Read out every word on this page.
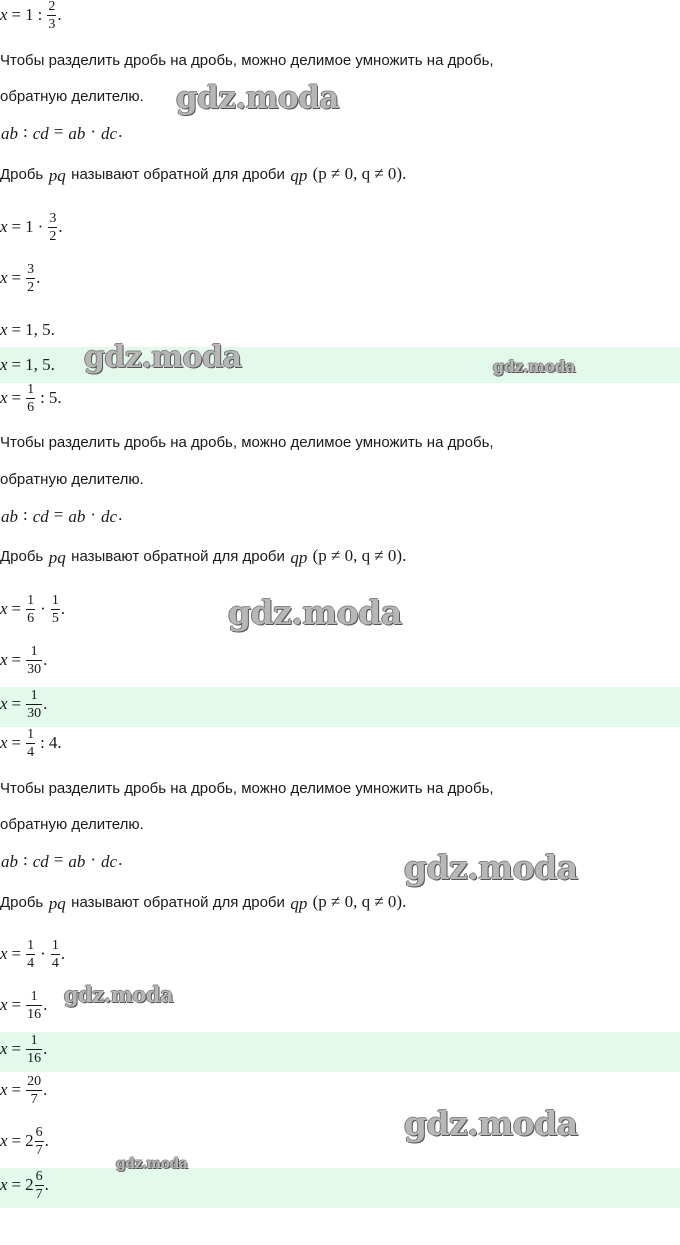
x = 1 : $\frac{2}{3}$ .
Чтобы разделить дробь на дробь, можно делимое умножить на дробь,
обратную делителю.
ab : cd = ab · dc.
Дробь pq называют обратной для дроби qp (p ≠ 0, q ≠ 0).
$x = 1 \cdot \frac{3}{2}$ .
$x = \frac{3}{2}$ .
x = 1, 5.
x = 1, 5.
$x = \frac{1}{6}$ : 5.
Чтобы разделить дробь на дробь, можно делимое умножить на дробь,
обратную делителю.
ab : cd = ab · dc.
Дробь pq называют обратной для дроби qp (p ≠ 0, q ≠ 0).
$x = \frac{1}{6} \cdot \frac{1}{5}$ .
$x = \frac{1}{30}$ .
$x = \frac{1}{30}$ .
$x = \frac{1}{4}$ : 4.
Чтобы разделить дробь на дробь, можно делимое умножить на дробь,
обратную делителю.
ab : cd = ab · dc.
Дробь pq называют обратной для дроби qp (p ≠ 0, q ≠ 0).
$x = \frac{1}{4} \cdot \frac{1}{4}$ .
$x = \frac{1}{16}$ .
$x = \frac{1}{16}$ .
$x = \frac{20}{7}$ .
$x = 2 \frac{6}{7}$ .
$x = 2 \frac{6}{7}$ .
gdz.moda
gdz.moda	gdz.moda
gdz.moda
gdz.moda
gdz.moda
gdz.moda
gdz.moda
